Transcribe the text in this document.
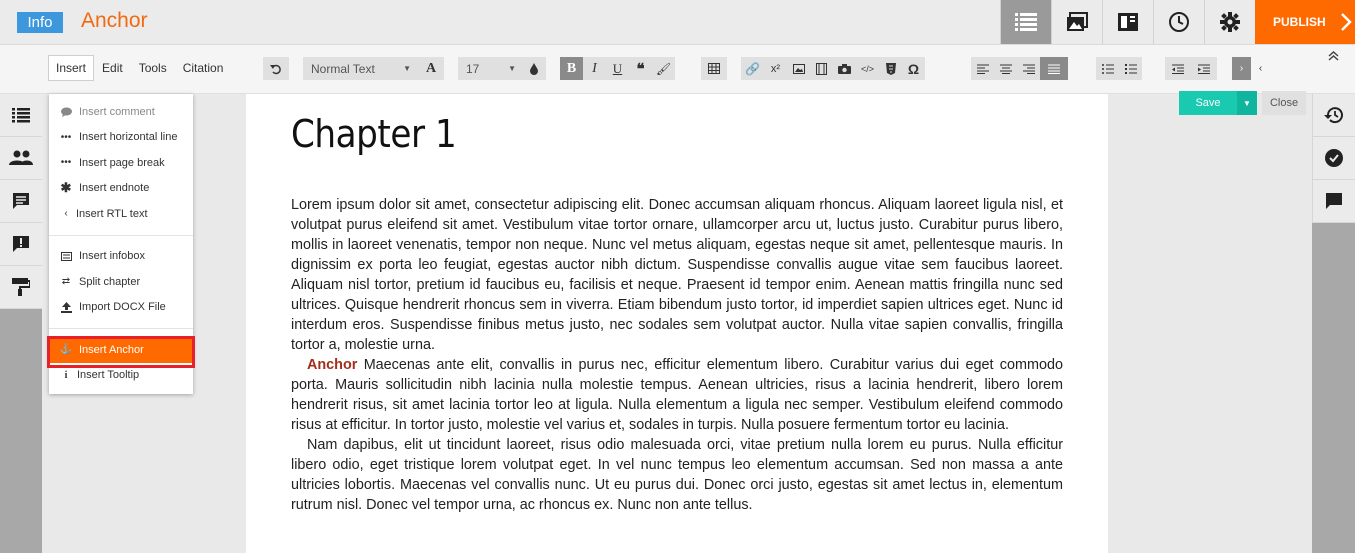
Info	Anchor	PUBLISH
Insert	Edit	Tools	Citation	Normal Text	▼	A	17	▼	B	I	U ❝ 🖌	🔗 x²	</> Ω	› ‹
Chapter 1

Lorem ipsum dolor sit amet, consectetur adipiscing elit. Donec accumsan aliquam rhoncus. Aliquam laoreet ligula nisl, et volutpat purus eleifend sit amet. Vestibulum vitae tortor ornare, ullamcorper arcu ut, luctus justo. Curabitur purus libero, mollis in laoreet venenatis, tempor non neque. Nunc vel metus aliquam, egestas neque sit amet, pellentesque mauris. In dignissim ex porta leo feugiat, egestas auctor nibh dictum. Suspendisse convallis augue vitae sem faucibus laoreet. Aliquam nisl tortor, pretium id faucibus eu, facilisis et neque. Praesent id tempor enim. Aenean mattis fringilla nunc sed ultrices. Quisque hendrerit rhoncus sem in viverra. Etiam bibendum justo tortor, id imperdiet sapien ultrices eget. Nunc id interdum eros. Suspendisse finibus metus justo, nec sodales sem volutpat auctor. Nulla vitae sapien convallis, fringilla tortor a, molestie urna.

Anchor Maecenas ante elit, convallis in purus nec, efficitur elementum libero. Curabitur varius dui eget commodo porta. Mauris sollicitudin nibh lacinia nulla molestie tempus. Aenean ultricies, risus a lacinia hendrerit, libero lorem hendrerit risus, sit amet lacinia tortor leo at ligula. Nulla elementum a ligula nec semper. Vestibulum eleifend commodo risus at efficitur. In tortor justo, molestie vel varius et, sodales in turpis. Nulla posuere fermentum tortor eu lacinia.

Nam dapibus, elit ut tincidunt laoreet, risus odio malesuada orci, vitae pretium nulla lorem eu purus. Nulla efficitur libero odio, eget tristique lorem volutpat eget. In vel nunc tempus leo elementum accumsan. Sed non massa a ante ultricies lobortis. Maecenas vel convallis nunc. Ut eu purus dui. Donec orci justo, egestas sit amet lectus in, elementum rutrum nisl. Donec vel tempor urna, ac rhoncus ex. Nunc non ante tellus.

Save	▼	Close
Insert comment
••• Insert horizontal line
••• Insert page break
✱ Insert endnote
‹ Insert RTL text
Insert infobox
⇄ Split chapter
Import DOCX File
⚓ Insert Anchor
i Insert Tooltip
